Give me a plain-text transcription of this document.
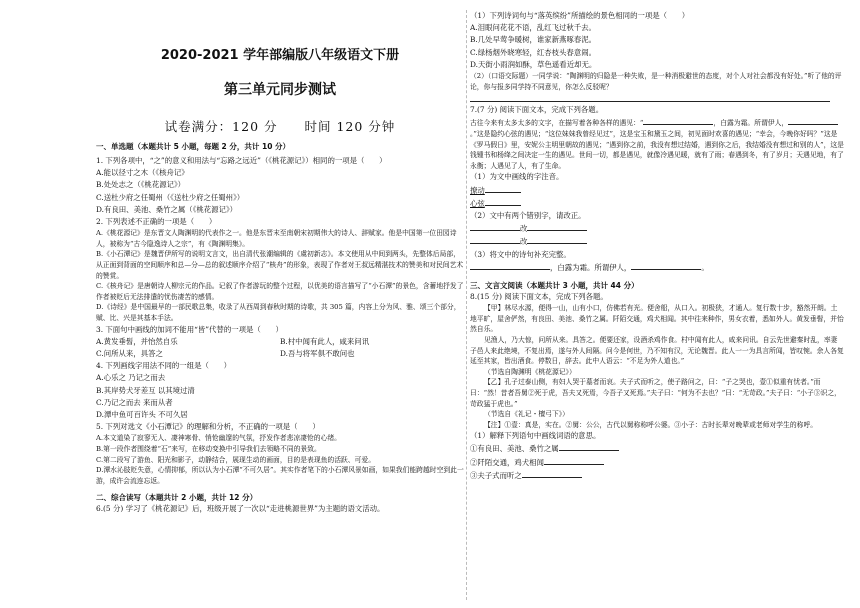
2020-2021 学年部编版八年级语文下册
第三单元同步测试
试卷满分：120 分　　时间 120 分钟
一、单选题（本题共计 5 小题，每题 2 分，共计 10 分）

1. 下列各项中，“之”的意义和用法与“忘路之远近”（《桃花源记》）相同的一项是（　　）

A.能以径寸之木（《核舟记》

B.处处志之（《桃花源记》）

C.送杜少府之任蜀州（《送杜少府之任蜀州》）

D.有良田、美池、桑竹之属（《桃花源记》）

2. 下列表述不正确的一项是（　　）

A.《桃花源记》是东晋文人陶渊明的代表作之一。他是东晋末至南朝宋初期伟大的诗人、辞赋家。他是中国第一位田园诗人，被称为“古今隐逸诗人之宗”，有《陶渊明集》。

B.《小石潭记》是魏晋伊所写的说明文言文，出自清代张潮编辑的《虞初新志》。本文使用从中间到两头，先整体后局部，从正面到背面的空间顺序和总—分—总的叙述顺序介绍了“核舟”的形象，表现了作者对王叔远精湛技术的赞美和对民间艺术的赞赏。

C.《核舟记》是唐朝诗人柳宗元的作品。记叙了作者游玩的整个过程，以优美的语言描写了“小石潭”的景色，含蓄地抒发了作者被贬后无法排遣的忧伤凄苦的感情。

D.《诗经》是中国最早的一部民歌总集，收录了从西周到春秋时期的诗歌，共 305 篇，内容上分为风、雅、颂三个部分，赋、比、兴是其基本手法。

3. 下面句中画线的加词不能用“皆”代替的一项是（　　）

A.黄发垂髫，并怡然自乐	B.村中闻有此人，咸来问讯
C.问所从来，具答之	D.吾与将军俱不敢问也

4. 下列画线字用法不同的一组是（　　）

A.心乐之 乃记之而去

B.其岸势犬牙差互 以其境过清

C.乃记之而去 来而从者

D.潭中鱼可百许头 不可久居

5. 下列对选文《小石潭记》的理解和分析，不正确的一项是（　　）

A.本文道染了寂寥无人、凄神寒骨、悄怆幽邃的气氛，抒发作者悲凉凄怆的心绪。

B.第一段作者围绕着“石”来写，在移动变换中引导我们去领略不同的景致。

C.第二段写了游鱼、阳光和影子，动静结合，展现生动的画面，目的是表现鱼的活跃、可爱。

D.潭水沁肢贬失意，心情抑郁，所以认为小石潭“不可久居”。其实作者笔下的小石潭风景如画，如果我们能跨越时空到此一游，成许会流连忘返。

二、综合读写（本题共计 2 小题，共计 12 分）

6.(5 分) 学习了《桃花源记》后，班级开展了一次以“走进桃源世界”为主题的语文活动。

（1）下列诗词句与“落英缤纷”所描绘的景色相同的一项是（　　）

A.泪眼问花花不语，乱红飞过秋千去。

B.几处早莺争暖树，谁家新燕啄春泥。

C.绿杨烟外晓寒轻，红杏枝头春意闹。

D.天街小雨润如酥，草色遥看近却无。

（2）（口语交际题）一同学说：“陶渊明的归隐是一种失败，是一种消极避世的态度，对个人对社会都没有好处。”听了他的评论，你与报多同学持不同意见，你怎么反驳呢？

7.(7 分) 阅读下面文本，完成下列各题。

古往今来有太多太多的文字，在描写着各种各样的遇见：“	，白露为霜。所谓伊人，。”这是隐约心弦的遇见；“这位妹妹我曾经见过”，这是宝玉和黛玉之间，初见面时欢喜的遇见；“幸会，今晚你好吗？”这是《罗马假日》里，安妮公主明里朝故的遇见；“遇到你之前，我没有想过结婚，遇到你之后，我结婚没有想过和别的人”，这是钱锺书和杨绛之间决定一生的遇见。世间一切，都是遇见，就像冷遇见暖，就有了雨；春遇到冬，有了岁月；天遇见地，有了永衡；人遇见了人，有了生命。

（1）为文中画线的字注音。

撩动

心弦

（2）文中有两个错别字，请改正。

改

改

（3）将文中的诗句补充完整。

，白露为霜。所谓伊人，	。

三、文言文阅读（本题共计 3 小题，共计 44 分）

8.(15 分) 阅读下面文本，完成下列各题。

【甲】林尽水源，便得一山，山有小口，仿佛若有光。便舍船，从口入。初极狭，才通人。复行数十步，豁然开朗。土地平旷，屋舍俨然，有良田、美池、桑竹之属。阡陌交通，鸡犬相闻。其中往来种作，男女衣着，悉如外人。黄发垂髫，并怡然自乐。

见渔人，乃大惊，问所从来。具答之。便要还家，设酒杀鸡作食。村中闻有此人，咸来问讯。自云先世避秦时乱，率妻子邑人来此绝境，不复出焉，遂与外人间隔。问今是何世，乃不知有汉，无论魏晋。此人一一为具言所闻，皆叹惋。余人各复延至其家，皆出酒食。停数日，辞去。此中人语云：“不足为外人道也。”

（节选自陶渊明《桃花源记》）

【乙】孔子过泰山侧，有妇人哭于墓者而哀。夫子式而听之，使子路问之，曰：“子之哭也，壹①似重有忧者。”而曰：“然！昔者吾舅②死于虎，吾夫又死焉，今吾子又死焉。”夫子曰：“何为不去也？”曰：“无苛政。”夫子曰：“小子③识之，苛政猛于虎也。”

（节选自《礼记・檀弓下》）

【注】①壹：真是，实在。②舅：公公，古代以舅称称呼公婆。③小子：古时长辈对晚辈或老师对学生的称呼。

（1）解释下列语句中画线词语的意思。

①有良田、美池、桑竹之属

②阡陌交通，鸡犬相闻

③夫子式而听之
